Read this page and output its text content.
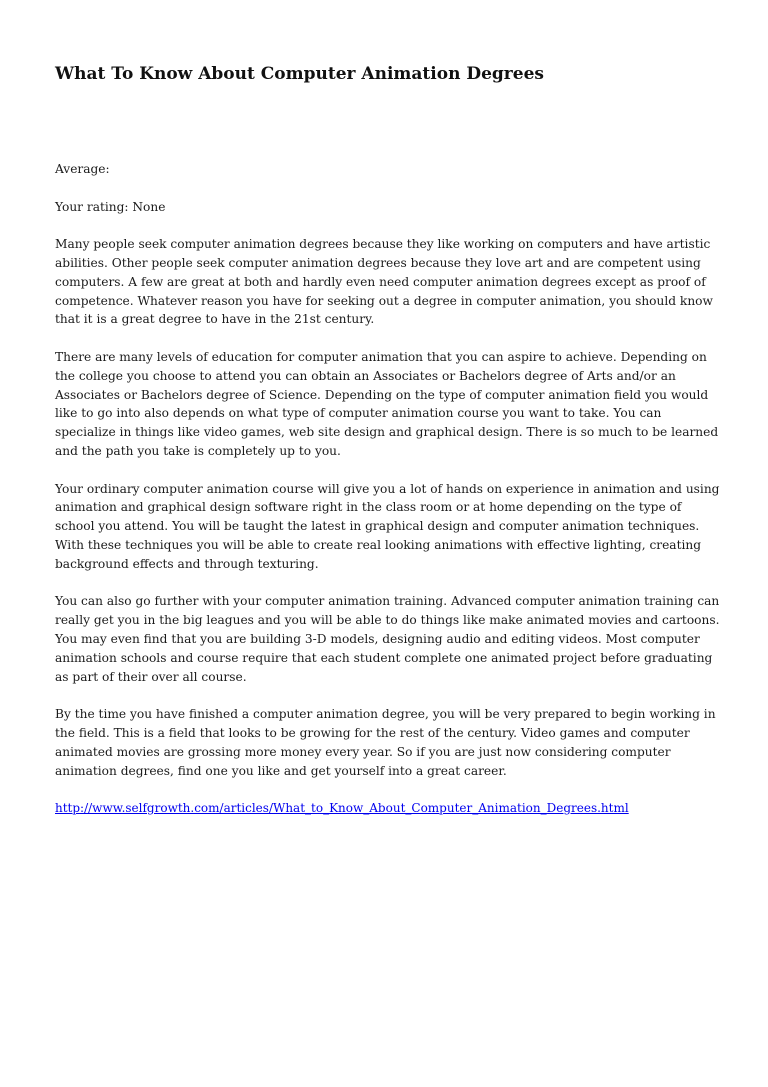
What To Know About Computer Animation Degrees
Average:
Your rating: None

Many people seek computer animation degrees because they like working on computers and have artistic abilities. Other people seek computer animation degrees because they love art and are competent using computers. A few are great at both and hardly even need computer animation degrees except as proof of competence. Whatever reason you have for seeking out a degree in computer animation, you should know that it is a great degree to have in the 21st century.

There are many levels of education for computer animation that you can aspire to achieve. Depending on the college you choose to attend you can obtain an Associates or Bachelors degree of Arts and/or an Associates or Bachelors degree of Science. Depending on the type of computer animation field you would like to go into also depends on what type of computer animation course you want to take. You can specialize in things like video games, web site design and graphical design. There is so much to be learned and the path you take is completely up to you.

Your ordinary computer animation course will give you a lot of hands on experience in animation and using animation and graphical design software right in the class room or at home depending on the type of school you attend. You will be taught the latest in graphical design and computer animation techniques. With these techniques you will be able to create real looking animations with effective lighting, creating background effects and through texturing.

You can also go further with your computer animation training. Advanced computer animation training can really get you in the big leagues and you will be able to do things like make animated movies and cartoons. You may even find that you are building 3-D models, designing audio and editing videos. Most computer animation schools and course require that each student complete one animated project before graduating as part of their over all course.

By the time you have finished a computer animation degree, you will be very prepared to begin working in the field. This is a field that looks to be growing for the rest of the century. Video games and computer animated movies are grossing more money every year. So if you are just now considering computer animation degrees, find one you like and get yourself into a great career.

http://www.selfgrowth.com/articles/What_to_Know_About_Computer_Animation_Degrees.html
